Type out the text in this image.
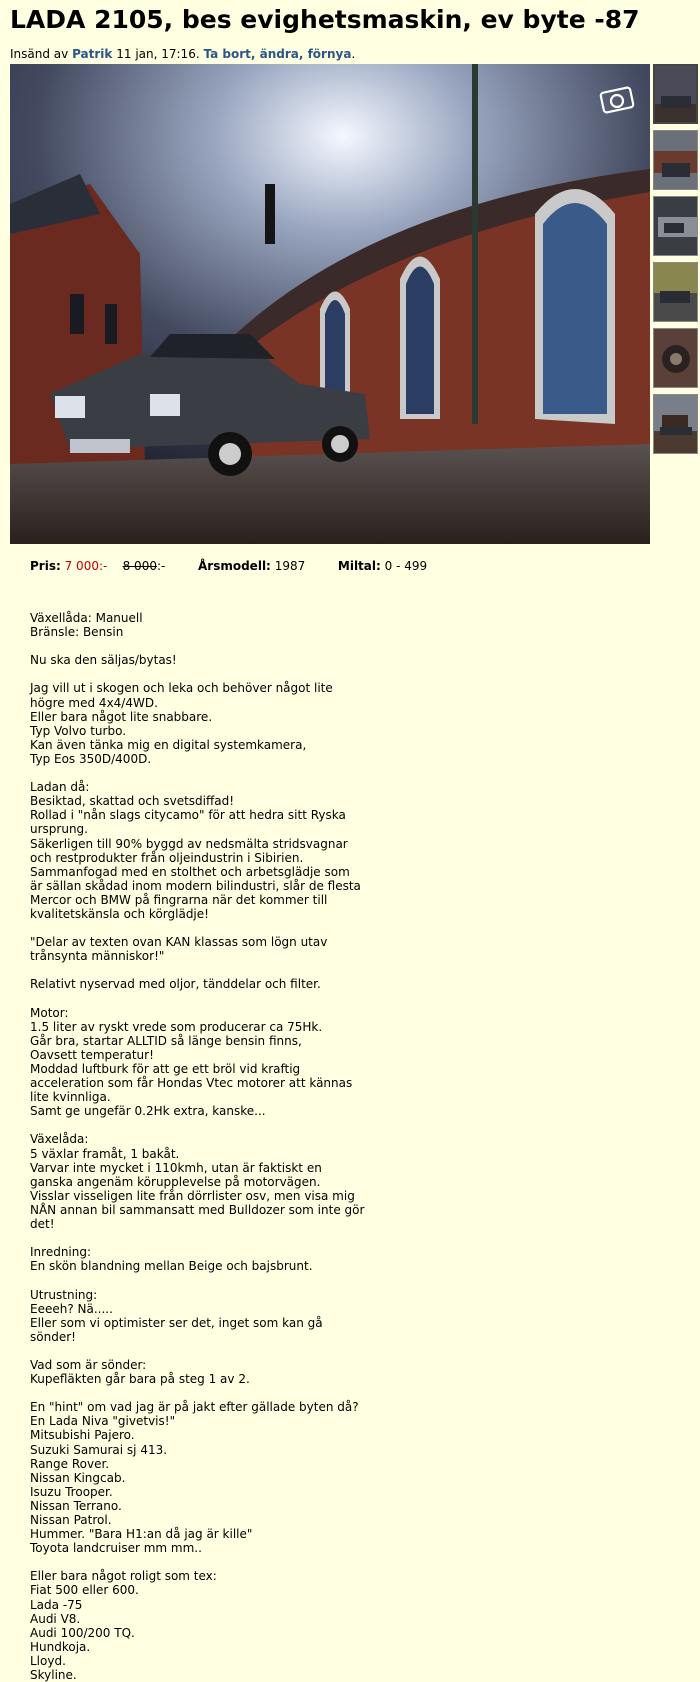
LADA 2105, bes evighetsmaskin, ev byte -87
Insänd av Patrik 11 jan, 17:16. Ta bort, ändra, förnya.
Pris: 7 000:- 8 000:-	Årsmodell: 1987	Miltal: 0 - 499
Växellåda: Manuell
Bränsle: Bensin

Nu ska den säljas/bytas!

Jag vill ut i skogen och leka och behöver något lite
högre med 4x4/4WD.
Eller bara något lite snabbare.
Typ Volvo turbo.
Kan även tänka mig en digital systemkamera,
Typ Eos 350D/400D.

Ladan då:
Besiktad, skattad och svetsdiffad!
Rollad i "nån slags citycamo" för att hedra sitt Ryska
ursprung.
Säkerligen till 90% byggd av nedsmälta stridsvagnar
och restprodukter från oljeindustrin i Sibirien.
Sammanfogad med en stolthet och arbetsglädje som
är sällan skådad inom modern bilindustri, slår de flesta
Mercor och BMW på fingrarna när det kommer till
kvalitetskänsla och körglädje!

"Delar av texten ovan KAN klassas som lögn utav
trånsynta människor!"

Relativt nyservad med oljor, tänddelar och filter.

Motor:
1.5 liter av ryskt vrede som producerar ca 75Hk.
Går bra, startar ALLTID så länge bensin finns,
Oavsett temperatur!
Moddad luftburk för att ge ett bröl vid kraftig
acceleration som får Hondas Vtec motorer att kännas
lite kvinnliga.
Samt ge ungefär 0.2Hk extra, kanske...

Växelåda:
5 växlar framåt, 1 bakåt.
Varvar inte mycket i 110kmh, utan är faktiskt en
ganska angenäm körupplevelse på motorvägen.
Visslar visseligen lite från dörrlister osv, men visa mig
NÅN annan bil sammansatt med Bulldozer som inte gör
det!

Inredning:
En skön blandning mellan Beige och bajsbrunt.

Utrustning:
Eeeeh? Nä.....
Eller som vi optimister ser det, inget som kan gå
sönder!

Vad som är sönder:
Kupefläkten går bara på steg 1 av 2.

En "hint" om vad jag är på jakt efter gällade byten då?
En Lada Niva "givetvis!"
Mitsubishi Pajero.
Suzuki Samurai sj 413.
Range Rover.
Nissan Kingcab.
Isuzu Trooper.
Nissan Terrano.
Nissan Patrol.
Hummer. "Bara H1:an då jag är kille"
Toyota landcruiser mm mm..

Eller bara något roligt som tex:
Fiat 500 eller 600.
Lada -75
Audi V8.
Audi 100/200 TQ.
Hundkoja.
Lloyd.
Skyline.
